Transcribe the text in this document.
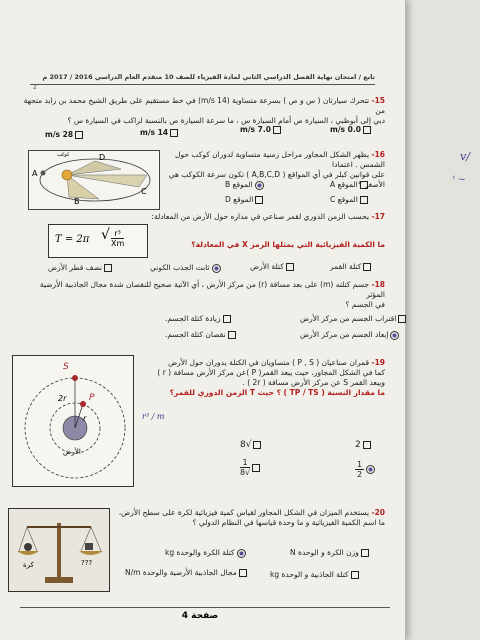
v/
ᵗ ~
تابع / امتحان نهاية الفصل الدراسي الثاني لمادة الفيزياء للصف 10 متقدم العام الدراسي 2016 / 2017 م
2
15- تتحرك سيارتان ( س و ص ) بسرعة متساوية (14 m/s) في خط مستقيم على طريق الشيخ محمد بن زايد متجهة من
دبي إلى أبوظبي ، السيارة ص أمام السيارة س ، ما سرعة السيارة ص بالنسبة لراكب في السيارة س ؟
0.0 m/s
7.0 m/s
14 m/s
28 m/s
A
D
B
C
كوكب	16- يظهر الشكل المجاور مراحل زمنية متساوية لدوران كوكب حول الشمس . اعتمادا
على قوانين كبلر في أي المواقع ( A,B,C,D ) تكون سرعة الكوكب هي الأصغر ؟
الموقع A
الموقع B
الموقع C
الموقع D
17- يحسب الزمن الدوري لقمر صناعي في مداره حول الأرض من المعادلة:
T = 2π √ $\frac{\text{r³}}{Xm}$	ما الكمية الفيزيائية التي يمثلها الرمز X في المعادلة؟
كتلة القمر
كتلة الأرض
ثابت الجذب الكوني
نصف قطر الأرض
18- جسم كتلته (m) على بعد مسافة (r) من مركز الأرض ، أي الآتية صحيح للنقصان شدة مجال الجاذبية الأرضية المؤثر
في الجسم ؟
اقتراب الجسم من مركز الأرض
زيادة كتلة الجسم.
إبعاد الجسم من مركز الأرض
نقصان كتلة الجسم.
S
P
2r
r
الأرض
19- قمران صناعيان ( P , S ) متساويان في الكتلة يدوران حول الأرض
كما في الشكل المجاور، حيث يبعد القمر( P )عن مركز الأرض مسافة ( r )
ويبعد القمر S عن مركز الأرض مسافة ( 2r ) .
ما مقدار النسبة ( TP / TS ) ؟ حيث T الزمن الدوري للقمر؟
r³ / m
2
√8
$\frac{1}{2}$
$\frac{1}{√8}$
كرة	???
20- يستخدم الميزان في الشكل المجاور لقياس كمية فيزيائية لكرة على سطح الأرض،
ما اسم الكمية الفيزيائية و ما وحدة قياسها في النظام الدولي ؟
وزن الكرة و الوحدة N
كتلة الكرة والوحدة kg
كتلة الجاذبية و الوحدة kg
مجال الجاذبية الأرضية والوحدة N/m
صفحة 4
